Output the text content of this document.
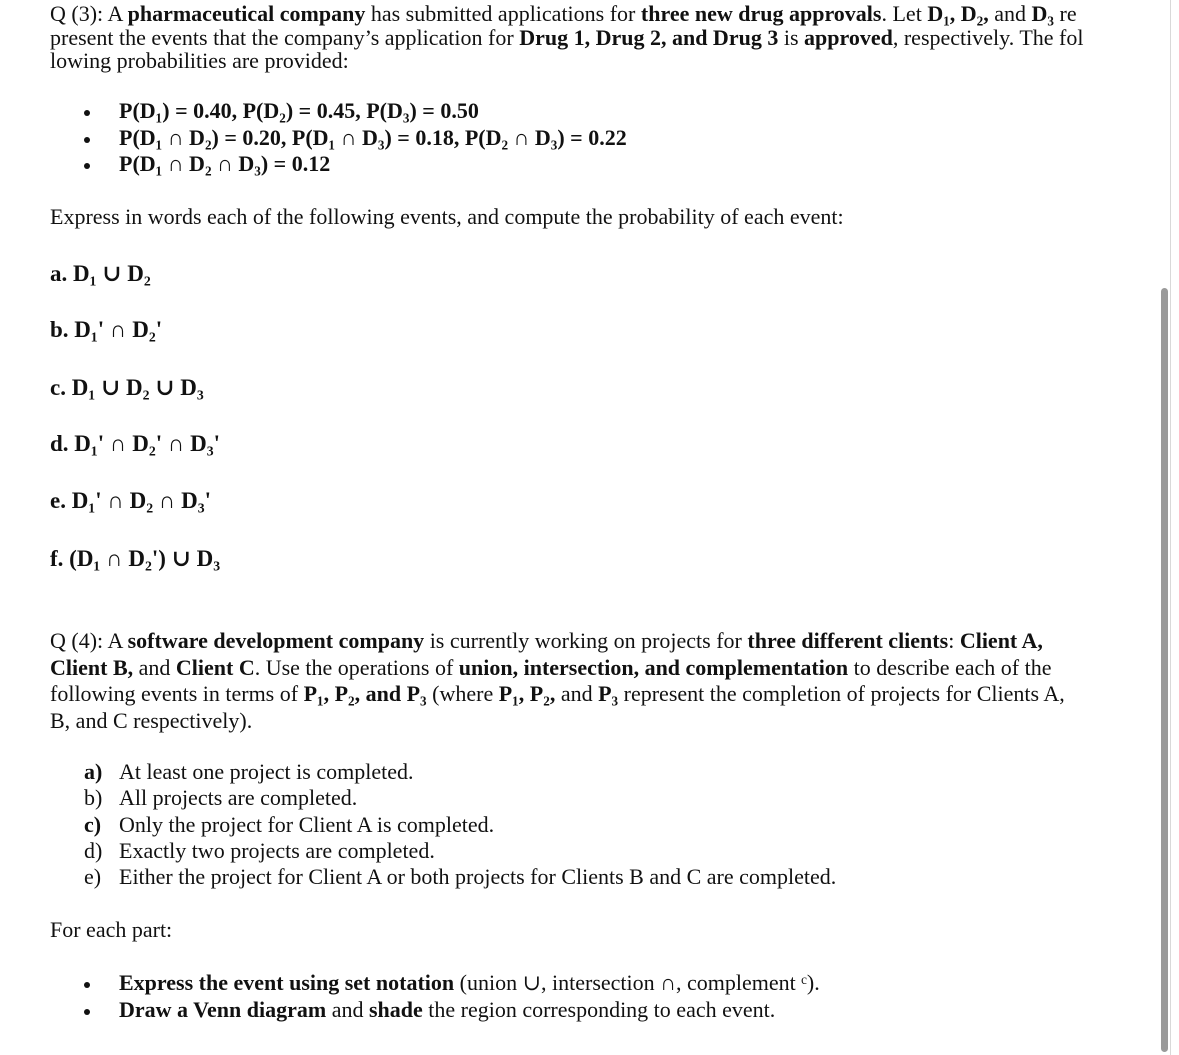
Q (3): A pharmaceutical company has submitted applications for three new drug approvals. Let D₁, D₂, and D₃ re
present the events that the company’s application for Drug 1, Drug 2, and Drug 3 is approved, respectively. The fol
lowing probabilities are provided:

P(D₁) = 0.40, P(D₂) = 0.45, P(D₃) = 0.50
P(D₁ ∩ D₂) = 0.20, P(D₁ ∩ D₃) = 0.18, P(D₂ ∩ D₃) = 0.22
P(D₁ ∩ D₂ ∩ D₃) = 0.12

Express in words each of the following events, and compute the probability of each event:

a. D₁ ∪ D₂
b. D₁' ∩ D₂'
c. D₁ ∪ D₂ ∪ D₃
d. D₁' ∩ D₂' ∩ D₃'
e. D₁' ∩ D₂ ∩ D₃'
f. (D₁ ∩ D₂') ∪ D₃

Q (4): A software development company is currently working on projects for three different clients: Client A,
Client B, and Client C. Use the operations of union, intersection, and complementation to describe each of the
following events in terms of P₁, P₂, and P₃ (where P₁, P₂, and P₃ represent the completion of projects for Clients A,
B, and C respectively).

a) At least one project is completed.
b) All projects are completed.
c) Only the project for Client A is completed.
d) Exactly two projects are completed.
e) Either the project for Client A or both projects for Clients B and C are completed.

For each part:

Express the event using set notation (union ∪, intersection ∩, complement ᶜ).
Draw a Venn diagram and shade the region corresponding to each event.
